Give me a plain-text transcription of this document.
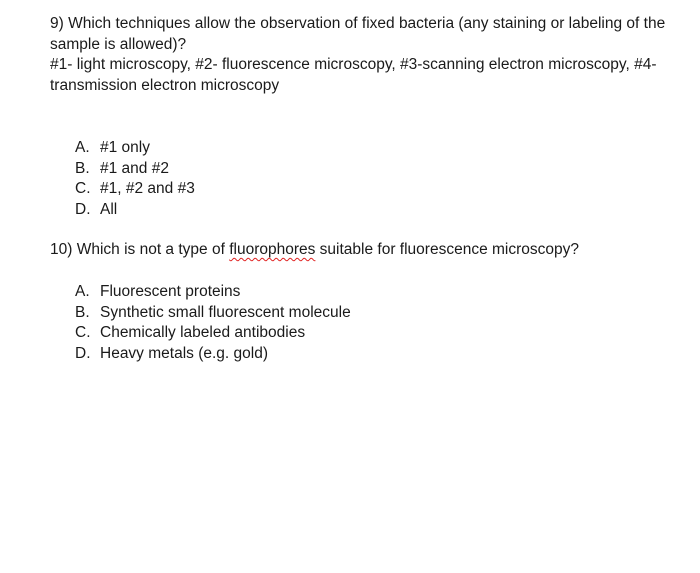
9) Which techniques allow the observation of fixed bacteria (any staining or labeling of the
sample is allowed)?
#1- light microscopy, #2- fluorescence microscopy, #3-scanning electron microscopy, #4-
transmission electron microscopy

A. #1 only
B. #1 and #2
C. #1, #2 and #3
D. All

10) Which is not a type of fluorophores suitable for fluorescence microscopy?

A. Fluorescent proteins
B. Synthetic small fluorescent molecule
C. Chemically labeled antibodies
D. Heavy metals (e.g. gold)
